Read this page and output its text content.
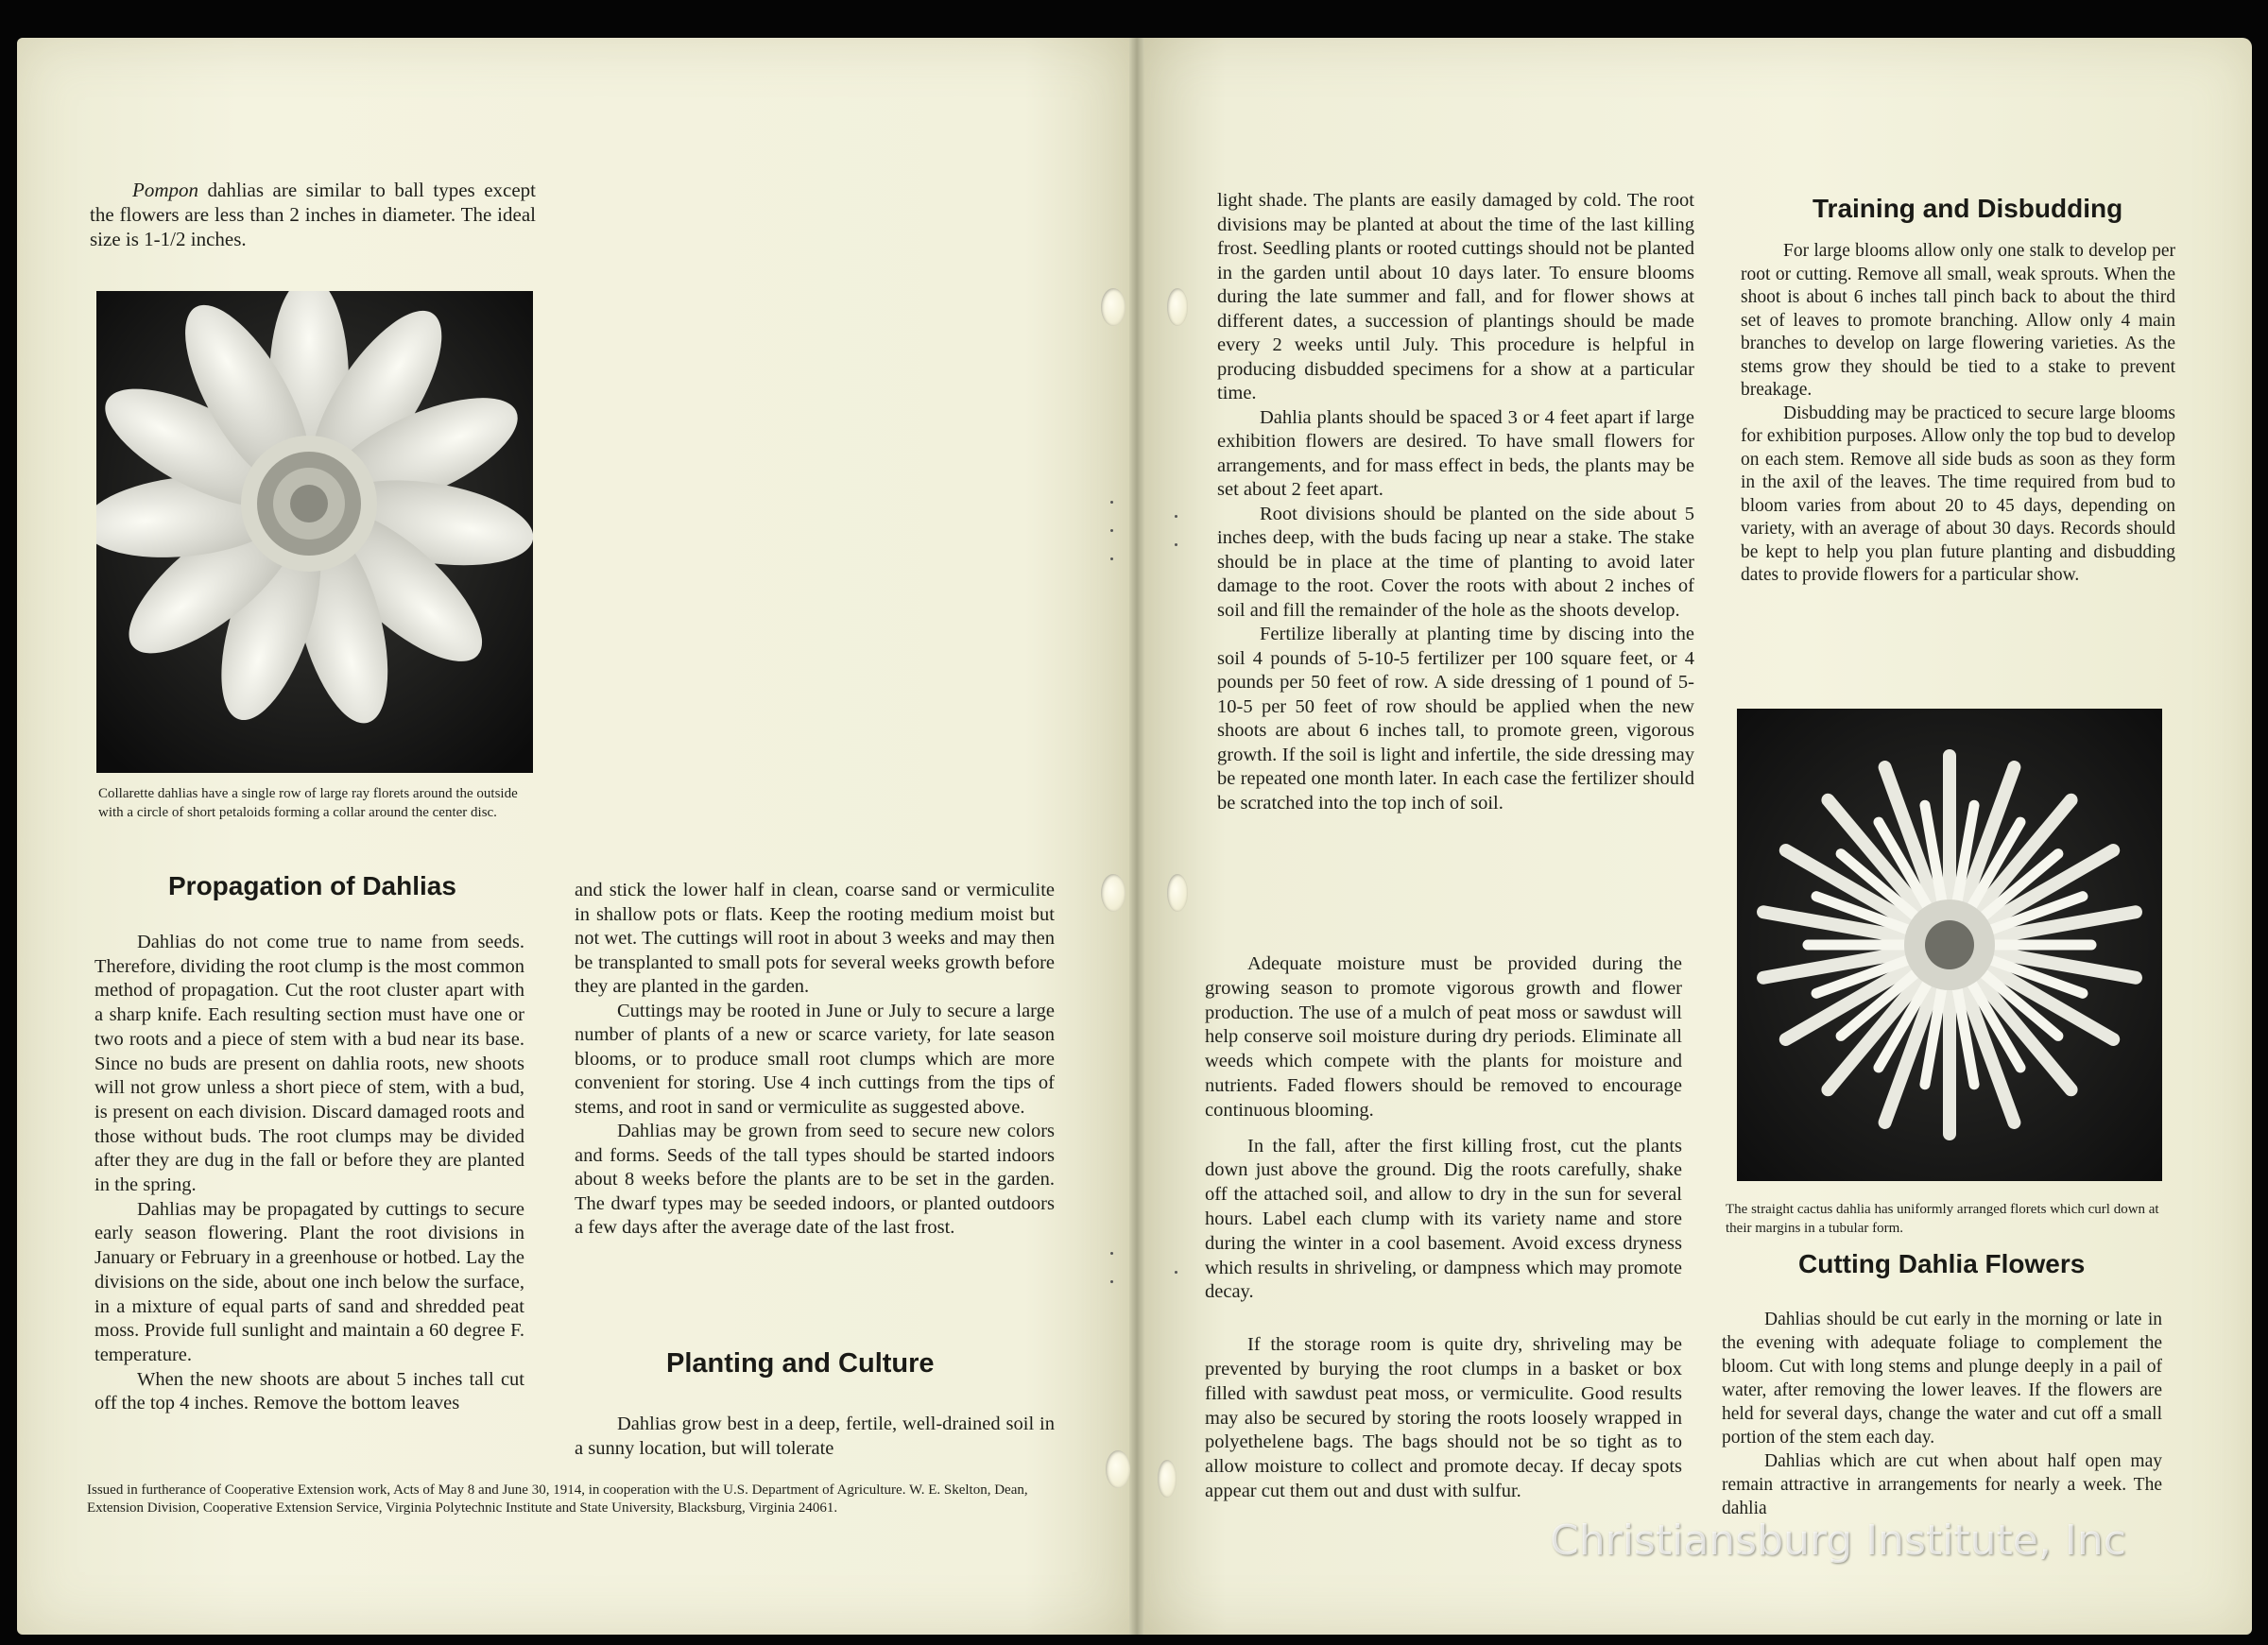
Pompon dahlias are similar to ball types except the flowers are less than 2 inches in diameter. The ideal size is 1-1/2 inches.

Collarette dahlias have a single row of large ray florets around the outside with a circle of short petaloids forming a collar around the center disc.
Propagation of Dahlias

Dahlias do not come true to name from seeds. Therefore, dividing the root clump is the most common method of propagation. Cut the root cluster apart with a sharp knife. Each resulting section must have one or two roots and a piece of stem with a bud near its base. Since no buds are present on dahlia roots, new shoots will not grow unless a short piece of stem, with a bud, is present on each division. Discard damaged roots and those without buds. The root clumps may be divided after they are dug in the fall or before they are planted in the spring.

Dahlias may be propagated by cuttings to secure early season flowering. Plant the root divisions in January or February in a greenhouse or hotbed. Lay the divisions on the side, about one inch below the surface, in a mixture of equal parts of sand and shredded peat moss. Provide full sunlight and maintain a 60 degree F. temperature.

When the new shoots are about 5 inches tall cut off the top 4 inches. Remove the bottom leaves

and stick the lower half in clean, coarse sand or vermiculite in shallow pots or flats. Keep the rooting medium moist but not wet. The cuttings will root in about 3 weeks and may then be transplanted to small pots for several weeks growth before they are planted in the garden.

Cuttings may be rooted in June or July to secure a large number of plants of a new or scarce variety, for late season blooms, or to produce small root clumps which are more convenient for storing. Use 4 inch cuttings from the tips of stems, and root in sand or vermiculite as suggested above.

Dahlias may be grown from seed to secure new colors and forms. Seeds of the tall types should be started indoors about 8 weeks before the plants are to be set in the garden. The dwarf types may be seeded indoors, or planted outdoors a few days after the average date of the last frost.

Planting and Culture

Dahlias grow best in a deep, fertile, well-drained soil in a sunny location, but will tolerate

Issued in furtherance of Cooperative Extension work, Acts of May 8 and June 30, 1914, in cooperation with the U.S. Department of Agriculture. W. E. Skelton, Dean, Extension Division, Cooperative Extension Service, Virginia Polytechnic Institute and State University, Blacksburg, Virginia 24061.

light shade. The plants are easily damaged by cold. The root divisions may be planted at about the time of the last killing frost. Seedling plants or rooted cuttings should not be planted in the garden until about 10 days later. To ensure blooms during the late summer and fall, and for flower shows at different dates, a succession of plantings should be made every 2 weeks until July. This procedure is helpful in producing disbudded specimens for a show at a particular time.

Dahlia plants should be spaced 3 or 4 feet apart if large exhibition flowers are desired. To have small flowers for arrangements, and for mass effect in beds, the plants may be set about 2 feet apart.

Root divisions should be planted on the side about 5 inches deep, with the buds facing up near a stake. The stake should be in place at the time of planting to avoid later damage to the root. Cover the roots with about 2 inches of soil and fill the remainder of the hole as the shoots develop.

Fertilize liberally at planting time by discing into the soil 4 pounds of 5-10-5 fertilizer per 100 square feet, or 4 pounds per 50 feet of row. A side dressing of 1 pound of 5-10-5 per 50 feet of row should be applied when the new shoots are about 6 inches tall, to promote green, vigorous growth. If the soil is light and infertile, the side dressing may be repeated one month later. In each case the fertilizer should be scratched into the top inch of soil.

Adequate moisture must be provided during the growing season to promote vigorous growth and flower production. The use of a mulch of peat moss or sawdust will help conserve soil moisture during dry periods. Eliminate all weeds which compete with the plants for moisture and nutrients. Faded flowers should be removed to encourage continuous blooming.

In the fall, after the first killing frost, cut the plants down just above the ground. Dig the roots carefully, shake off the attached soil, and allow to dry in the sun for several hours. Label each clump with its variety name and store during the winter in a cool basement. Avoid excess dryness which results in shriveling, or dampness which may promote decay.

If the storage room is quite dry, shriveling may be prevented by burying the root clumps in a basket or box filled with sawdust peat moss, or vermiculite. Good results may also be secured by storing the roots loosely wrapped in polyethelene bags. The bags should not be so tight as to allow moisture to collect and promote decay. If decay spots appear cut them out and dust with sulfur.

Training and Disbudding

For large blooms allow only one stalk to develop per root or cutting. Remove all small, weak sprouts. When the shoot is about 6 inches tall pinch back to about the third set of leaves to promote branching. Allow only 4 main branches to develop on large flowering varieties. As the stems grow they should be tied to a stake to prevent breakage.

Disbudding may be practiced to secure large blooms for exhibition purposes. Allow only the top bud to develop on each stem. Remove all side buds as soon as they form in the axil of the leaves. The time required from bud to bloom varies from about 20 to 45 days, depending on variety, with an average of about 30 days. Records should be kept to help you plan future planting and disbudding dates to provide flowers for a particular show.

The straight cactus dahlia has uniformly arranged florets which curl down at their margins in a tubular form.
Cutting Dahlia Flowers

Dahlias should be cut early in the morning or late in the evening with adequate foliage to complement the bloom. Cut with long stems and plunge deeply in a pail of water, after removing the lower leaves. If the flowers are held for several days, change the water and cut off a small portion of the stem each day.

Dahlias which are cut when about half open may remain attractive in arrangements for nearly a week. The dahlia

Christiansburg Institute, Inc
